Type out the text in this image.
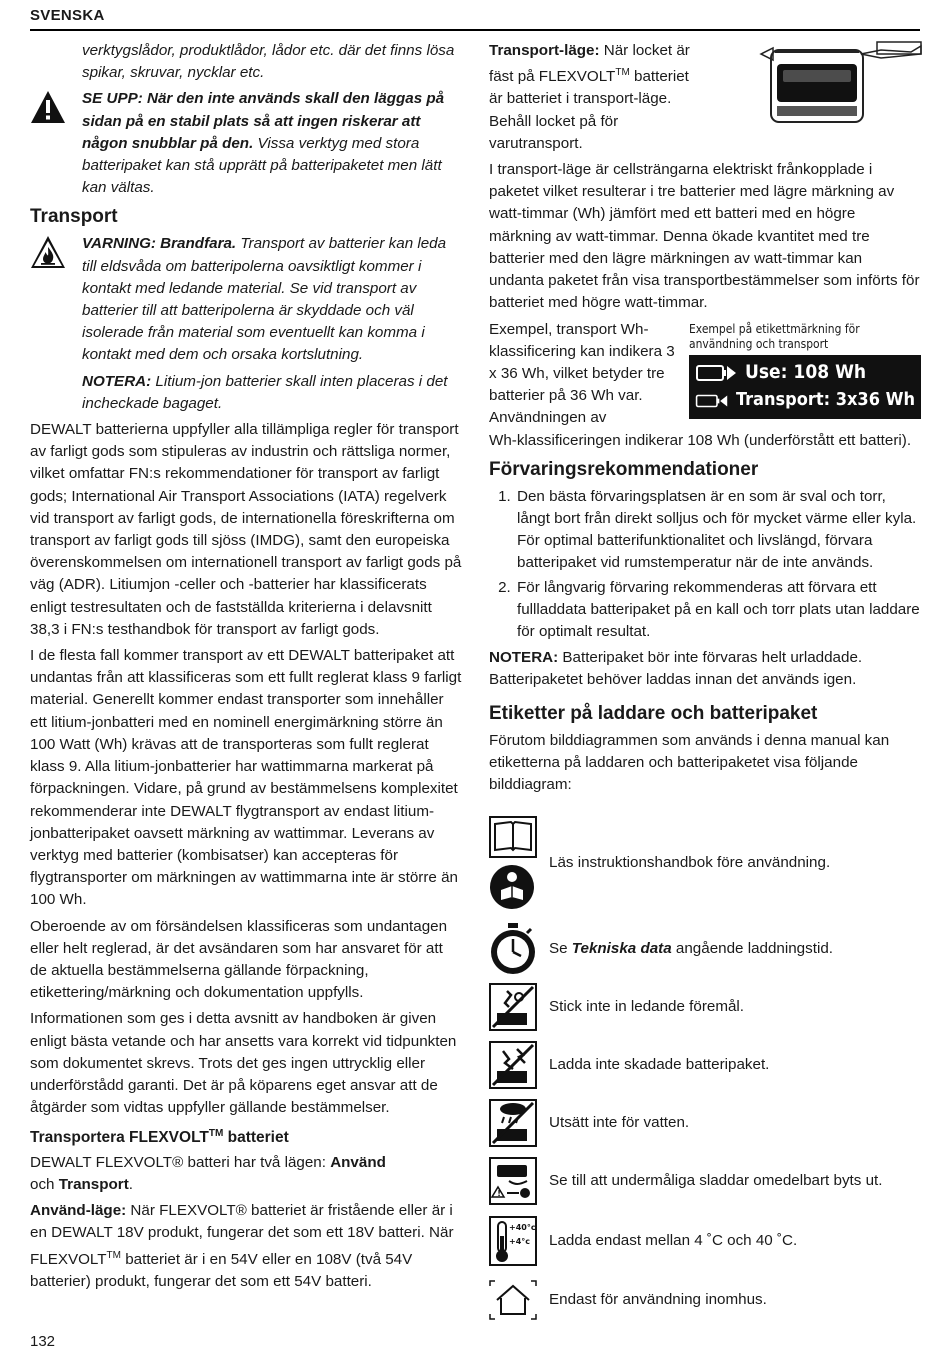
SVENSKA

verktygslådor, produktlådor, lådor etc. där det finns lösa spikar, skruvar, nycklar etc.

SE UPP: När den inte används skall den läggas på sidan på en stabil plats så att ingen riskerar att någon snubblar på den. Vissa verktyg med stora batteripaket kan stå upprätt på batteripaketet men lätt kan vältas.

Transport

VARNING: Brandfara. Transport av batterier kan leda till eldsvåda om batteripolerna oavsiktligt kommer i kontakt med ledande material. Se vid transport av batterier till att batteripolerna är skyddade och väl isolerade från material som eventuellt kan komma i kontakt med dem och orsaka kortslutning.

NOTERA: Litium-jon batterier skall inten placeras i det incheckade bagaget.

DEWALT batterierna uppfyller alla tillämpliga regler för transport av farligt gods som stipuleras av industrin och rättsliga normer, vilket omfattar FN:s rekommendationer för transport av farligt gods; International Air Transport Associations (IATA) regelverk vid transport av farligt gods, de internationella föreskrifterna om transport av farligt gods till sjöss (IMDG), samt den europeiska överenskommelsen om internationell transport av farligt gods på väg (ADR). Litiumjon -celler och -batterier har klassificerats enligt testresultaten och de fastställda kriterierna i delavsnitt 38,3 i FN:s testhandbok för transport av farligt gods.

I de flesta fall kommer transport av ett DEWALT batteripaket att undantas från att klassificeras som ett fullt reglerat klass 9 farligt material. Generellt kommer endast transporter som innehåller ett litium-jonbatteri med en nominell energimärkning större än 100 Watt (Wh) krävas att de transporteras som fullt reglerat klass 9. Alla litium-jonbatterier har wattimmarna markerat på förpackningen. Vidare, på grund av bestämmelsens komplexitet rekommenderar inte DEWALT flygtransport av endast litium-jonbatteripaket oavsett märkning av wattimmar. Leverans av verktyg med batterier (kombisatser) kan accepteras för flygtransporter om märkningen av wattimmarna inte är större än 100 Wh.

Oberoende av om försändelsen klassificeras som undantagen eller helt reglerad, är det avsändaren som har ansvaret för att de aktuella bestämmelserna gällande förpackning, etikettering/märkning och dokumentation uppfylls.

Informationen som ges i detta avsnitt av handboken är given enligt bästa vetande och har ansetts vara korrekt vid tidpunkten som dokumentet skrevs. Trots det ges ingen uttrycklig eller underförstådd garanti. Det är på köparens eget ansvar att de åtgärder som vidtas uppfyller gällande bestämmelser.

Transportera FLEXVOLT™ batteriet

DEWALT FLEXVOLT® batteri har två lägen: Använd
och Transport.

Använd-läge: När FLEXVOLT® batteriet är fristående eller är i en DEWALT 18V produkt, fungerar det som ett 18V batteri. När FLEXVOLT™ batteriet är i en 54V eller en 108V (två 54V batterier) produkt, fungerar det som ett 54V batteri.

Transport-läge: När locket är fäst på FLEXVOLT™ batteriet är batteriet i transport-läge. Behåll locket på för varutransport.

I transport-läge är cellsträngarna elektriskt frånkopplade i paketet vilket resulterar i tre batterier med lägre märkning av watt-timmar (Wh) jämfört med ett batteri med en högre märkning av watt-timmar. Denna ökade kvantitet med tre batterier med den lägre märkningen av watt-timmar kan undanta paketet från visa transportbestämmelser som införts för batteriet med högre watt-timmar.

Exempel, transport Wh-klassificering kan indikera 3 x 36 Wh, vilket betyder tre batterier på 36 Wh var. Användningen av

Exempel på etikettmärkning för användning och transport
Use: 108 Wh
Transport: 3x36 Wh

Wh-klassificeringen indikerar 108 Wh (underförstått ett batteri).

Förvaringsrekommendationer
1. Den bästa förvaringsplatsen är en som är sval och torr, långt bort från direkt solljus och för mycket värme eller kyla. För optimal batterifunktionalitet och livslängd, förvara batteripaket vid rumstemperatur när de inte används.
2. För långvarig förvaring rekommenderas att förvara ett fullladdata batteripaket på en kall och torr plats utan laddare för optimalt resultat.

NOTERA: Batteripaket bör inte förvaras helt urladdade. Batteripaketet behöver laddas innan det används igen.

Etiketter på laddare och batteripaket

Förutom bilddiagrammen som används i denna manual kan etiketterna på laddaren och batteripaketet visa följande bilddiagram:

Läs instruktionshandbok före användning.
Se Tekniska data angående laddningstid.
Stick inte in ledande föremål.
Ladda inte skadade batteripaket.
Utsätt inte för vatten.
!
Se till att undermåliga sladdar omedelbart byts ut.
+40°c
+4°c	Ladda endast mellan 4 ˚C och 40 ˚C.
Endast för användning inomhus.
132
